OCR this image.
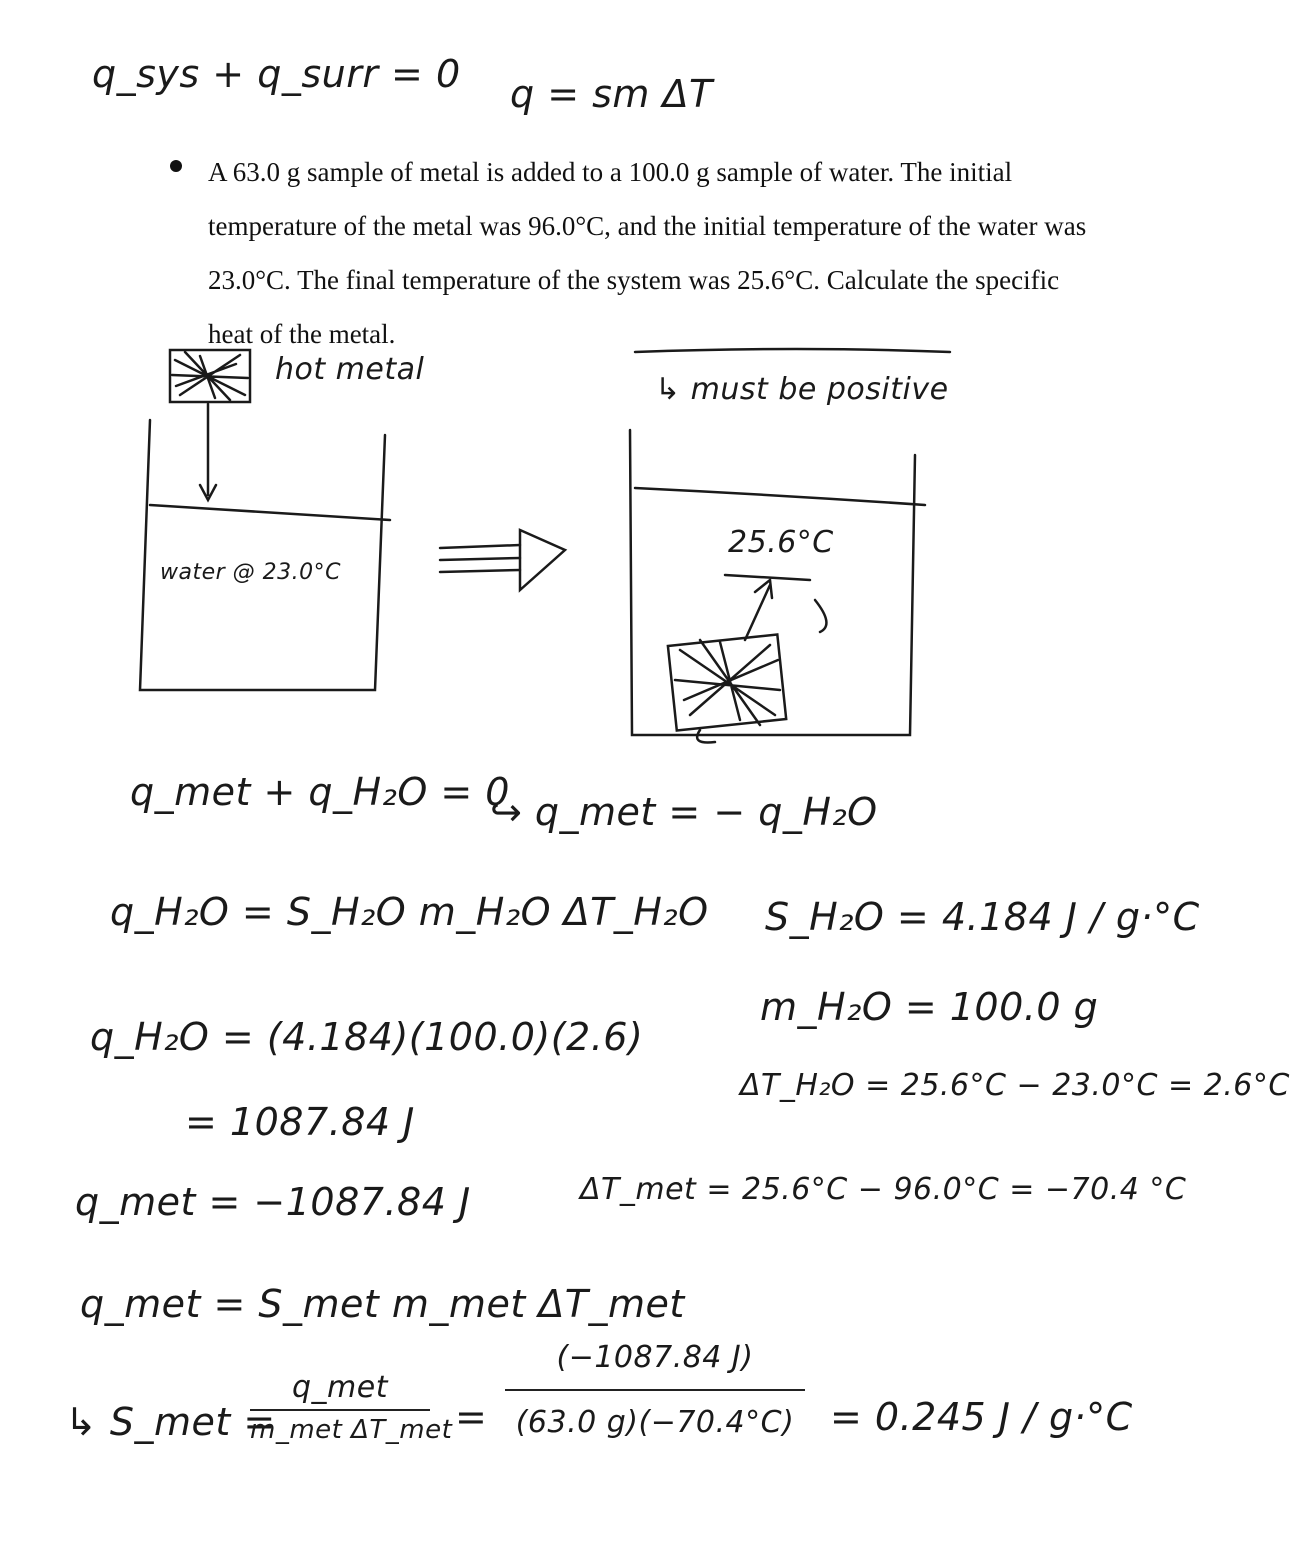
q_sys + q_surr = 0 q = sm ΔT
A 63.0 g sample of metal is added to a 100.0 g sample of water. The initial temperature of the metal was 96.0°C, and the initial temperature of the water was 23.0°C. The final temperature of the system was 25.6°C. Calculate the specific heat of the metal.
↳ must be positive
hot metal
water @ 23.0°C
25.6°C
q_met + q_H₂O = 0
↪ q_met = − q_H₂O
q_H₂O = S_H₂O m_H₂O ΔT_H₂O S_H₂O = 4.184 J / g·°C
m_H₂O = 100.0 g
q_H₂O = (4.184)(100.0)(2.6)
ΔT_H₂O = 25.6°C − 23.0°C = 2.6°C
= 1087.84 J
q_met = −1087.84 J	ΔT_met = 25.6°C − 96.0°C = −70.4 °C
q_met = S_met m_met ΔT_met
↳ S_met =
q_met
m_met ΔT_met =
(−1087.84 J)
(63.0 g)(−70.4°C) = 0.245 J / g·°C
